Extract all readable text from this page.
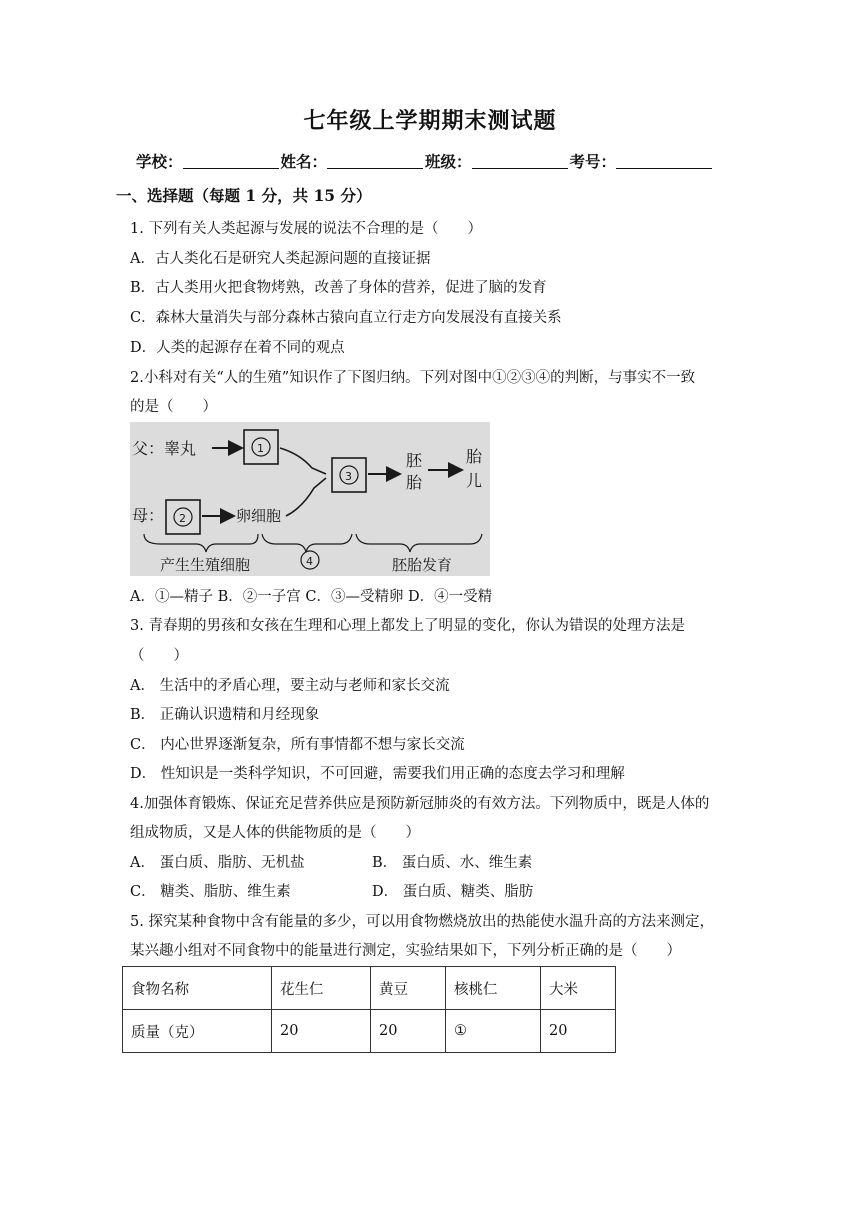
七年级上学期期末测试题
学校：	姓名：	班级：	考号：
一、选择题（每题 1 分，共 15 分）
1. 下列有关人类起源与发展的说法不合理的是（　　）
A．古人类化石是研究人类起源问题的直接证据
B．古人类用火把食物烤熟，改善了身体的营养，促进了脑的发育
C．森林大量消失与部分森林古猿向直立行走方向发展没有直接关系
D．人类的起源存在着不同的观点
2.小科对有关“人的生殖”知识作了下图归纳。下列对图中①②③④的判断，与事实不一致
的是（　　）
父：睾丸	1
母： 2	卵细胞
3
胚
胎
胎
儿
产生生殖细胞	4	胚胎发育
A．①—精子 B．②一子宫 C．③—受精卵 D．④一受精
3. 青春期的男孩和女孩在生理和心理上都发上了明显的变化，你认为错误的处理方法是
（　　）
A． 生活中的矛盾心理，要主动与老师和家长交流
B． 正确认识遗精和月经现象
C． 内心世界逐渐复杂，所有事情都不想与家长交流
D． 性知识是一类科学知识，不可回避，需要我们用正确的态度去学习和理解
4.加强体育锻炼、保证充足营养供应是预防新冠肺炎的有效方法。下列物质中，既是人体的
组成物质，又是人体的供能物质的是（　　）
A． 蛋白质、脂肪、无机盐	B． 蛋白质、水、维生素
C． 糖类、脂肪、维生素	D． 蛋白质、糖类、脂肪
5. 探究某种食物中含有能量的多少，可以用食物燃烧放出的热能使水温升高的方法来测定，
某兴趣小组对不同食物中的能量进行测定，实验结果如下，下列分析正确的是（　　）
食物名称	花生仁	黄豆	核桃仁	大米
质量（克）	20	20	①	20
